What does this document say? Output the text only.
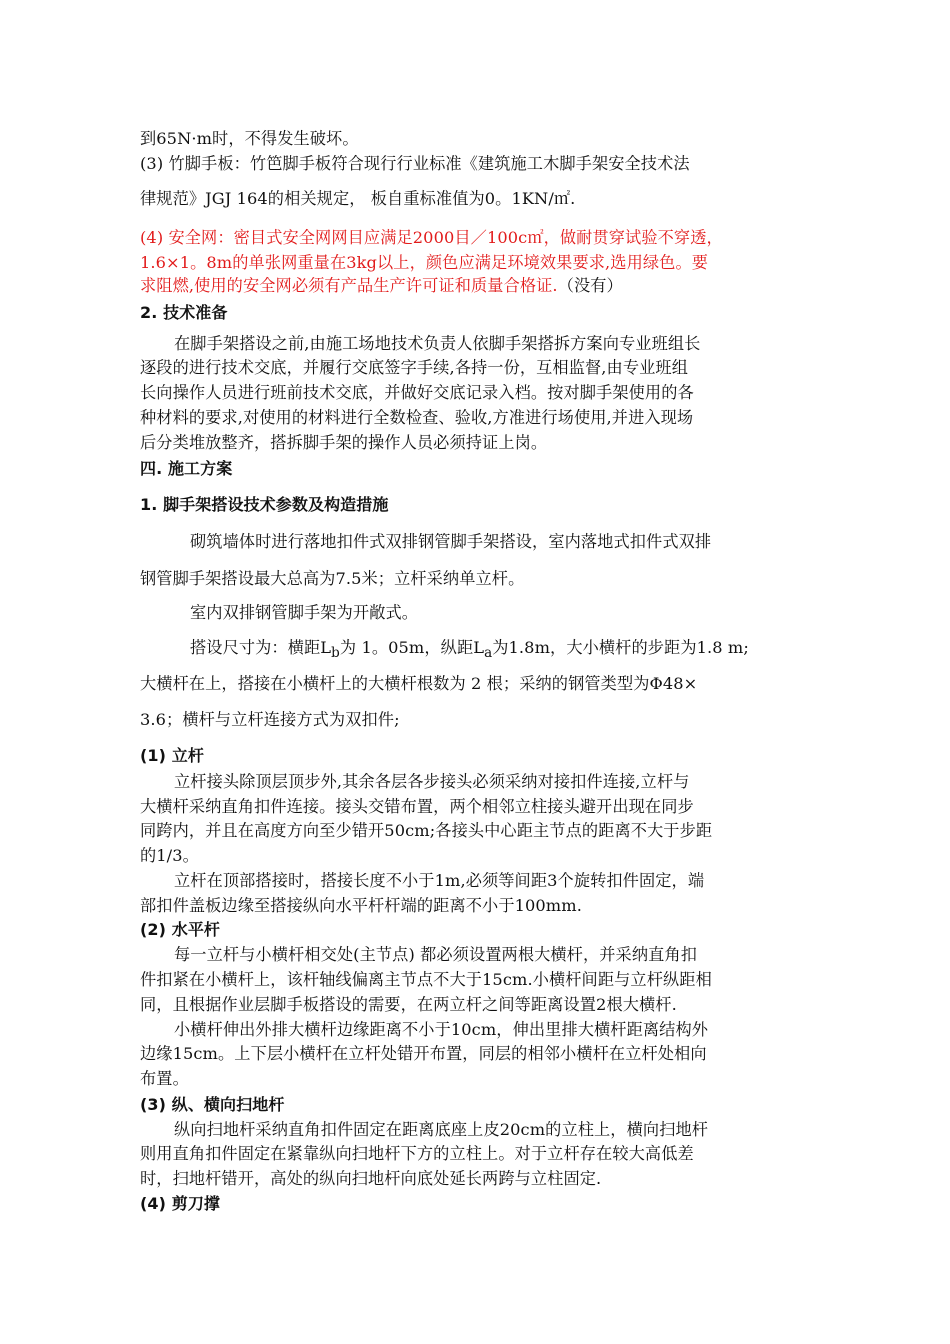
到65N·m时，不得发生破坏。
(3) 竹脚手板：竹笆脚手板符合现行行业标准《建筑施工木脚手架安全技术法
律规范》JGJ 164的相关规定， 板自重标准值为0。1KN/㎡.
(4) 安全网：密目式安全网网目应满足2000目／100c㎡，做耐贯穿试验不穿透，
1.6×1。8m的单张网重量在3kg以上，颜色应满足环境效果要求,选用绿色。要
求阻燃,使用的安全网必须有产品生产许可证和质量合格证.（没有）
2. 技术准备
在脚手架搭设之前,由施工场地技术负责人依脚手架搭拆方案向专业班组长
逐段的进行技术交底，并履行交底签字手续,各持一份，互相监督,由专业班组
长向操作人员进行班前技术交底，并做好交底记录入档。按对脚手架使用的各
种材料的要求,对使用的材料进行全数检查、验收,方准进行场使用,并进入现场
后分类堆放整齐，搭拆脚手架的操作人员必须持证上岗。
四. 施工方案
1. 脚手架搭设技术参数及构造措施
砌筑墙体时进行落地扣件式双排钢管脚手架搭设，室内落地式扣件式双排
钢管脚手架搭设最大总高为7.5米；立杆采纳单立杆。
室内双排钢管脚手架为开敞式。
搭设尺寸为：横距$L_b$为 1。05m，纵距$L_a$为1.8m，大小横杆的步距为1.8 m;
大横杆在上，搭接在小横杆上的大横杆根数为 2 根；采纳的钢管类型为Φ48×
3.6；横杆与立杆连接方式为双扣件;
(1) 立杆
立杆接头除顶层顶步外,其余各层各步接头必须采纳对接扣件连接,立杆与
大横杆采纳直角扣件连接。接头交错布置，两个相邻立柱接头避开出现在同步
同跨内，并且在高度方向至少错开50cm;各接头中心距主节点的距离不大于步距
的1/3。
立杆在顶部搭接时，搭接长度不小于1m,必须等间距3个旋转扣件固定，端
部扣件盖板边缘至搭接纵向水平杆杆端的距离不小于100mm.
(2) 水平杆
每一立杆与小横杆相交处(主节点) 都必须设置两根大横杆，并采纳直角扣
件扣紧在小横杆上，该杆轴线偏离主节点不大于15cm.小横杆间距与立杆纵距相
同，且根据作业层脚手板搭设的需要，在两立杆之间等距离设置2根大横杆.
小横杆伸出外排大横杆边缘距离不小于10cm，伸出里排大横杆距离结构外
边缘15cm。上下层小横杆在立杆处错开布置，同层的相邻小横杆在立杆处相向
布置。
(3) 纵、横向扫地杆
纵向扫地杆采纳直角扣件固定在距离底座上皮20cm的立柱上，横向扫地杆
则用直角扣件固定在紧靠纵向扫地杆下方的立柱上。对于立杆存在较大高低差
时，扫地杆错开，高处的纵向扫地杆向底处延长两跨与立柱固定.
(4) 剪刀撑
